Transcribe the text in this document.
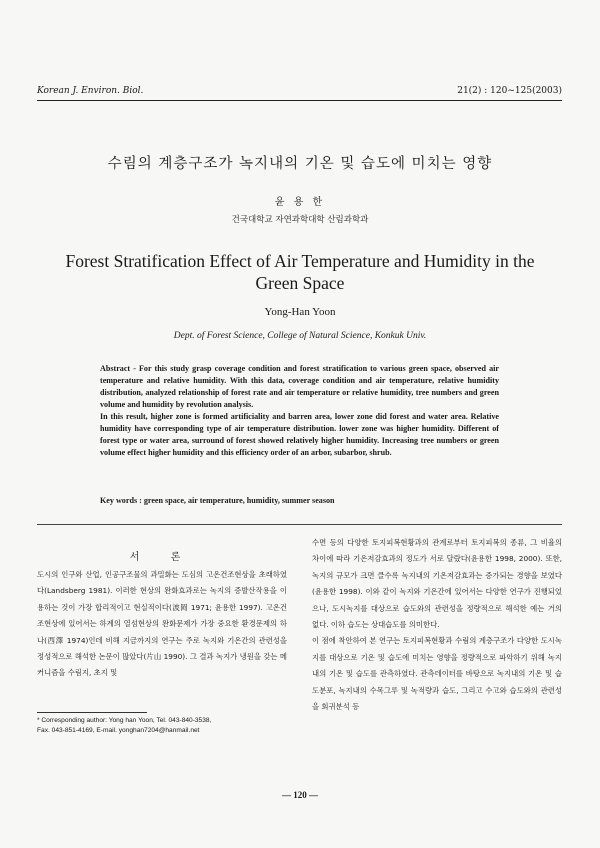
Korean J. Environ. Biol.	21(2) : 120~125(2003)
수림의 계층구조가 녹지내의 기온 및 습도에 미치는 영향
윤 용 한
건국대학교 자연과학대학 산림과학과
Forest Stratification Effect of Air Temperature and Humidity in the Green Space
Yong-Han Yoon
Dept. of Forest Science, College of Natural Science, Konkuk Univ.

Abstract - For this study grasp coverage condition and forest stratification to various green space, observed air temperature and relative humidity. With this data, coverage condition and air temperature, relative humidity distribution, analyzed relationship of forest rate and air temperature or relative humidity, tree numbers and green volume and humidity by revolution analysis.

In this result, higher zone is formed artificiality and barren area, lower zone did forest and water area. Relative humidity have corresponding type of air temperature distribution. lower zone was higher humidity. Different of forest type or water area, surround of forest showed relatively higher humidity. Increasing tree numbers or green volume effect higher humidity and this efficiency order of an arbor, subarbor, shrub.

Key words : green space, air temperature, humidity, summer season
서 론

도시의 인구와 산업, 인공구조물의 과밀화는 도심의 고온건조현상을 초래하였다(Landsberg 1981). 이러한 현상의 완화효과로는 녹지의 증발산작용을 이용하는 것이 가장 합리적이고 현실적이다(波岡 1971; 윤용한 1997). 고온건조현상에 있어서는 하계의 열섬현상의 완화문제가 가장 중요한 환경문제의 하나(西澤 1974)인데 비해 지금까지의 연구는 주로 녹지와 기온간의 관련성을 정성적으로 해석한 논문이 많았다(片山 1990). 그 결과 녹지가 냉원을 갖는 메커니즘을 수림지, 초지 및

수면 등의 다양한 토지피복현황과의 관계로부터 토지피복의 종류, 그 비율의 차이에 따라 기온저감효과의 정도가 서로 달랐다(윤용한 1998, 2000). 또한, 녹지의 규모가 크면 클수록 녹지내의 기온저감효과는 증가되는 경향을 보였다(윤용한 1998). 이와 같이 녹지와 기온간에 있어서는 다양한 연구가 진행되었으나, 도시녹지를 대상으로 습도와의 관련성을 정량적으로 해석한 예는 거의 없다. 이하 습도는 상대습도를 의미한다.

이 점에 착안하여 본 연구는 토지피복현황과 수림의 계층구조가 다양한 도시녹지를 대상으로 기온 및 습도에 미치는 영향을 정량적으로 파악하기 위해 녹지내의 기온 및 습도를 관측하였다. 관측데이터를 바탕으로 녹지내의 기온 및 습도분포, 녹지내의 수목그루 및 녹적량과 습도, 그리고 수고와 습도와의 관련성을 회귀분석 등

* Corresponding author: Yong han Yoon, Tel. 043-840-3538,

Fax. 043-851-4169, E-mail. yonghan7204@hanmail.net

— 120 —
